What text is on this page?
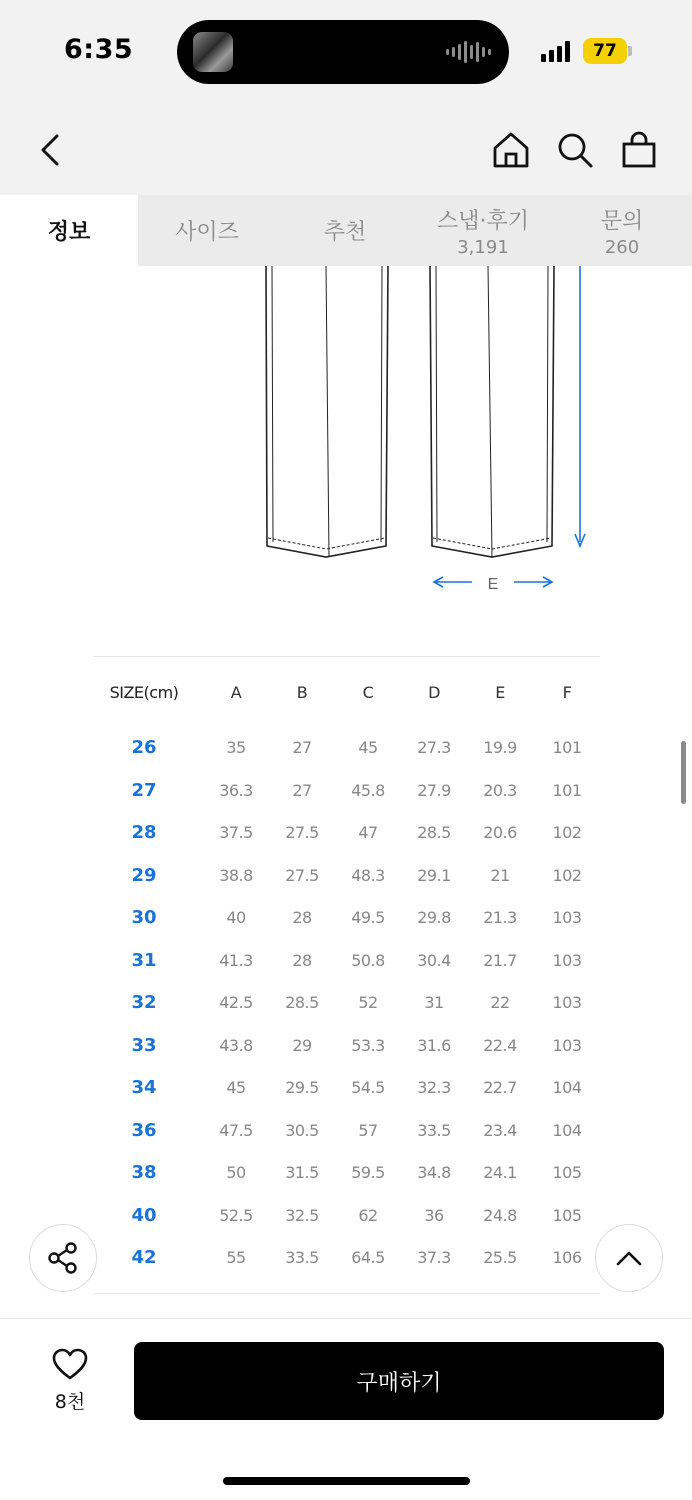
6:35	77
정보	사이즈	추천	스냅·후기
3,191
문의
260
E
SIZE(cm)	A	B	C	D	E	F
26	35	27	45	27.3	19.9	101
27	36.3	27	45.8	27.9	20.3	101
28	37.5	27.5	47	28.5	20.6	102
29	38.8	27.5	48.3	29.1	21	102
30	40	28	49.5	29.8	21.3	103
31	41.3	28	50.8	30.4	21.7	103
32	42.5	28.5	52	31	22	103
33	43.8	29	53.3	31.6	22.4	103
34	45	29.5	54.5	32.3	22.7	104
36	47.5	30.5	57	33.5	23.4	104
38	50	31.5	59.5	34.8	24.1	105
40	52.5	32.5	62	36	24.8	105
42	55	33.5	64.5	37.3	25.5	106
8천
구매하기
